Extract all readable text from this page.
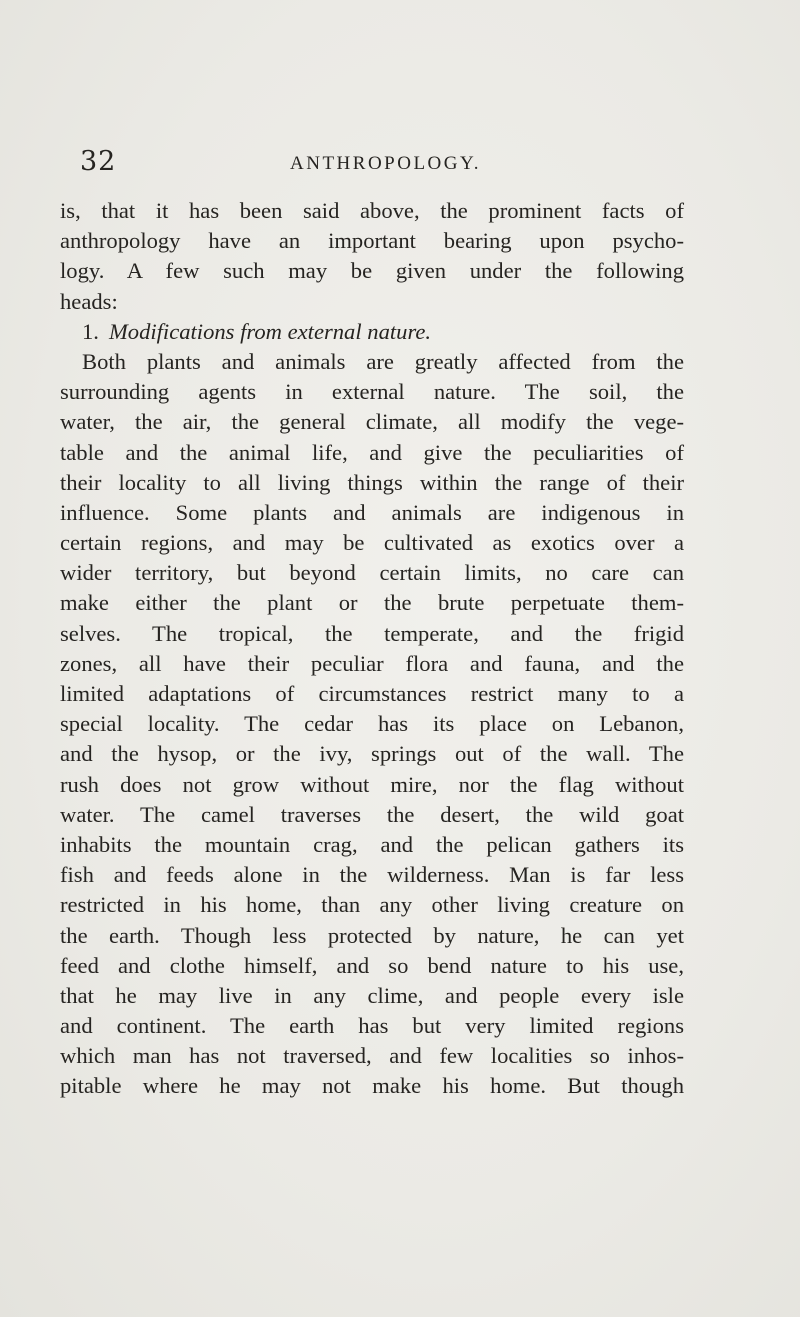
32	ANTHROPOLOGY.
is, that it has been said above, the prominent facts of
anthropology have an important bearing upon psycho-
logy. A few such may be given under the following
heads:
1. Modifications from external nature.
Both plants and animals are greatly affected from the
surrounding agents in external nature. The soil, the
water, the air, the general climate, all modify the vege-
table and the animal life, and give the peculiarities of
their locality to all living things within the range of their
influence. Some plants and animals are indigenous in
certain regions, and may be cultivated as exotics over a
wider territory, but beyond certain limits, no care can
make either the plant or the brute perpetuate them-
selves. The tropical, the temperate, and the frigid
zones, all have their peculiar flora and fauna, and the
limited adaptations of circumstances restrict many to a
special locality. The cedar has its place on Lebanon,
and the hysop, or the ivy, springs out of the wall. The
rush does not grow without mire, nor the flag without
water. The camel traverses the desert, the wild goat
inhabits the mountain crag, and the pelican gathers its
fish and feeds alone in the wilderness. Man is far less
restricted in his home, than any other living creature on
the earth. Though less protected by nature, he can yet
feed and clothe himself, and so bend nature to his use,
that he may live in any clime, and people every isle
and continent. The earth has but very limited regions
which man has not traversed, and few localities so inhos-
pitable where he may not make his home. But though
